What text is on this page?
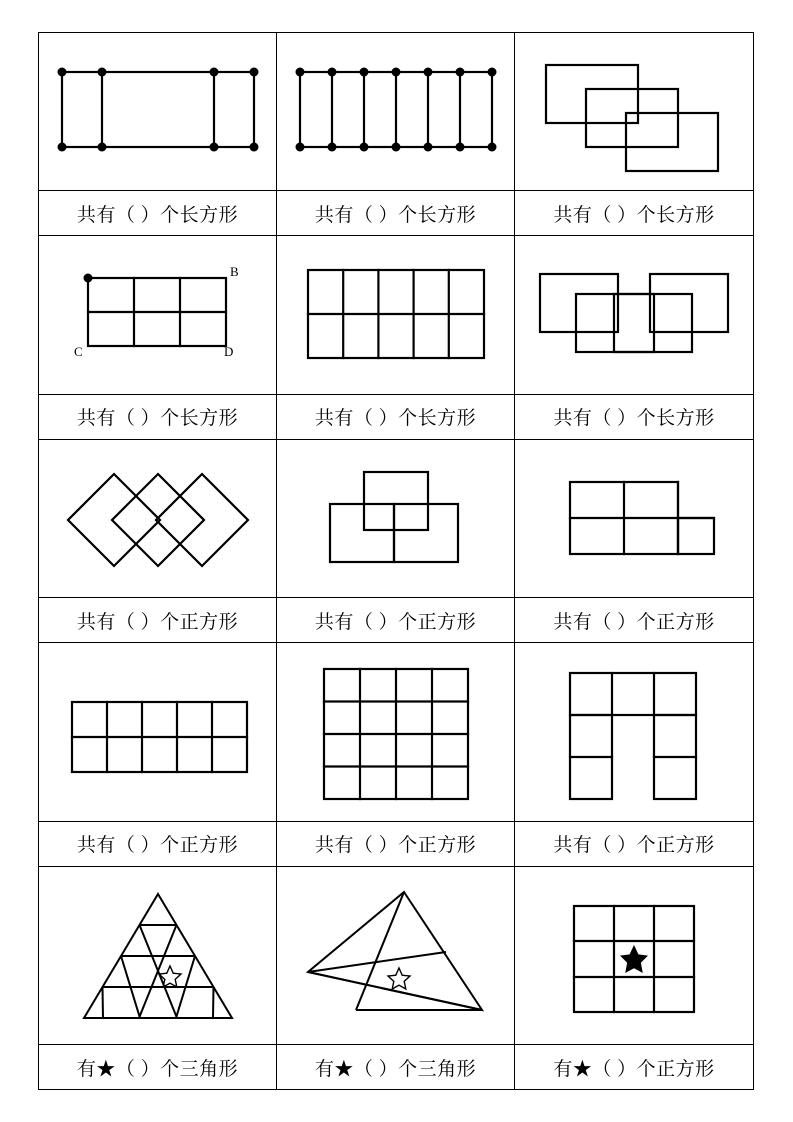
共有（ ）个长方形	共有（ ）个长方形	共有（ ）个长方形
B
C	D
共有（ ）个长方形	共有（ ）个长方形	共有（ ）个长方形
共有（ ）个正方形	共有（ ）个正方形	共有（ ）个正方形
共有（ ）个正方形	共有（ ）个正方形	共有（ ）个正方形
有★（ ）个三角形	有★（ ）个三角形	有★（ ）个正方形
